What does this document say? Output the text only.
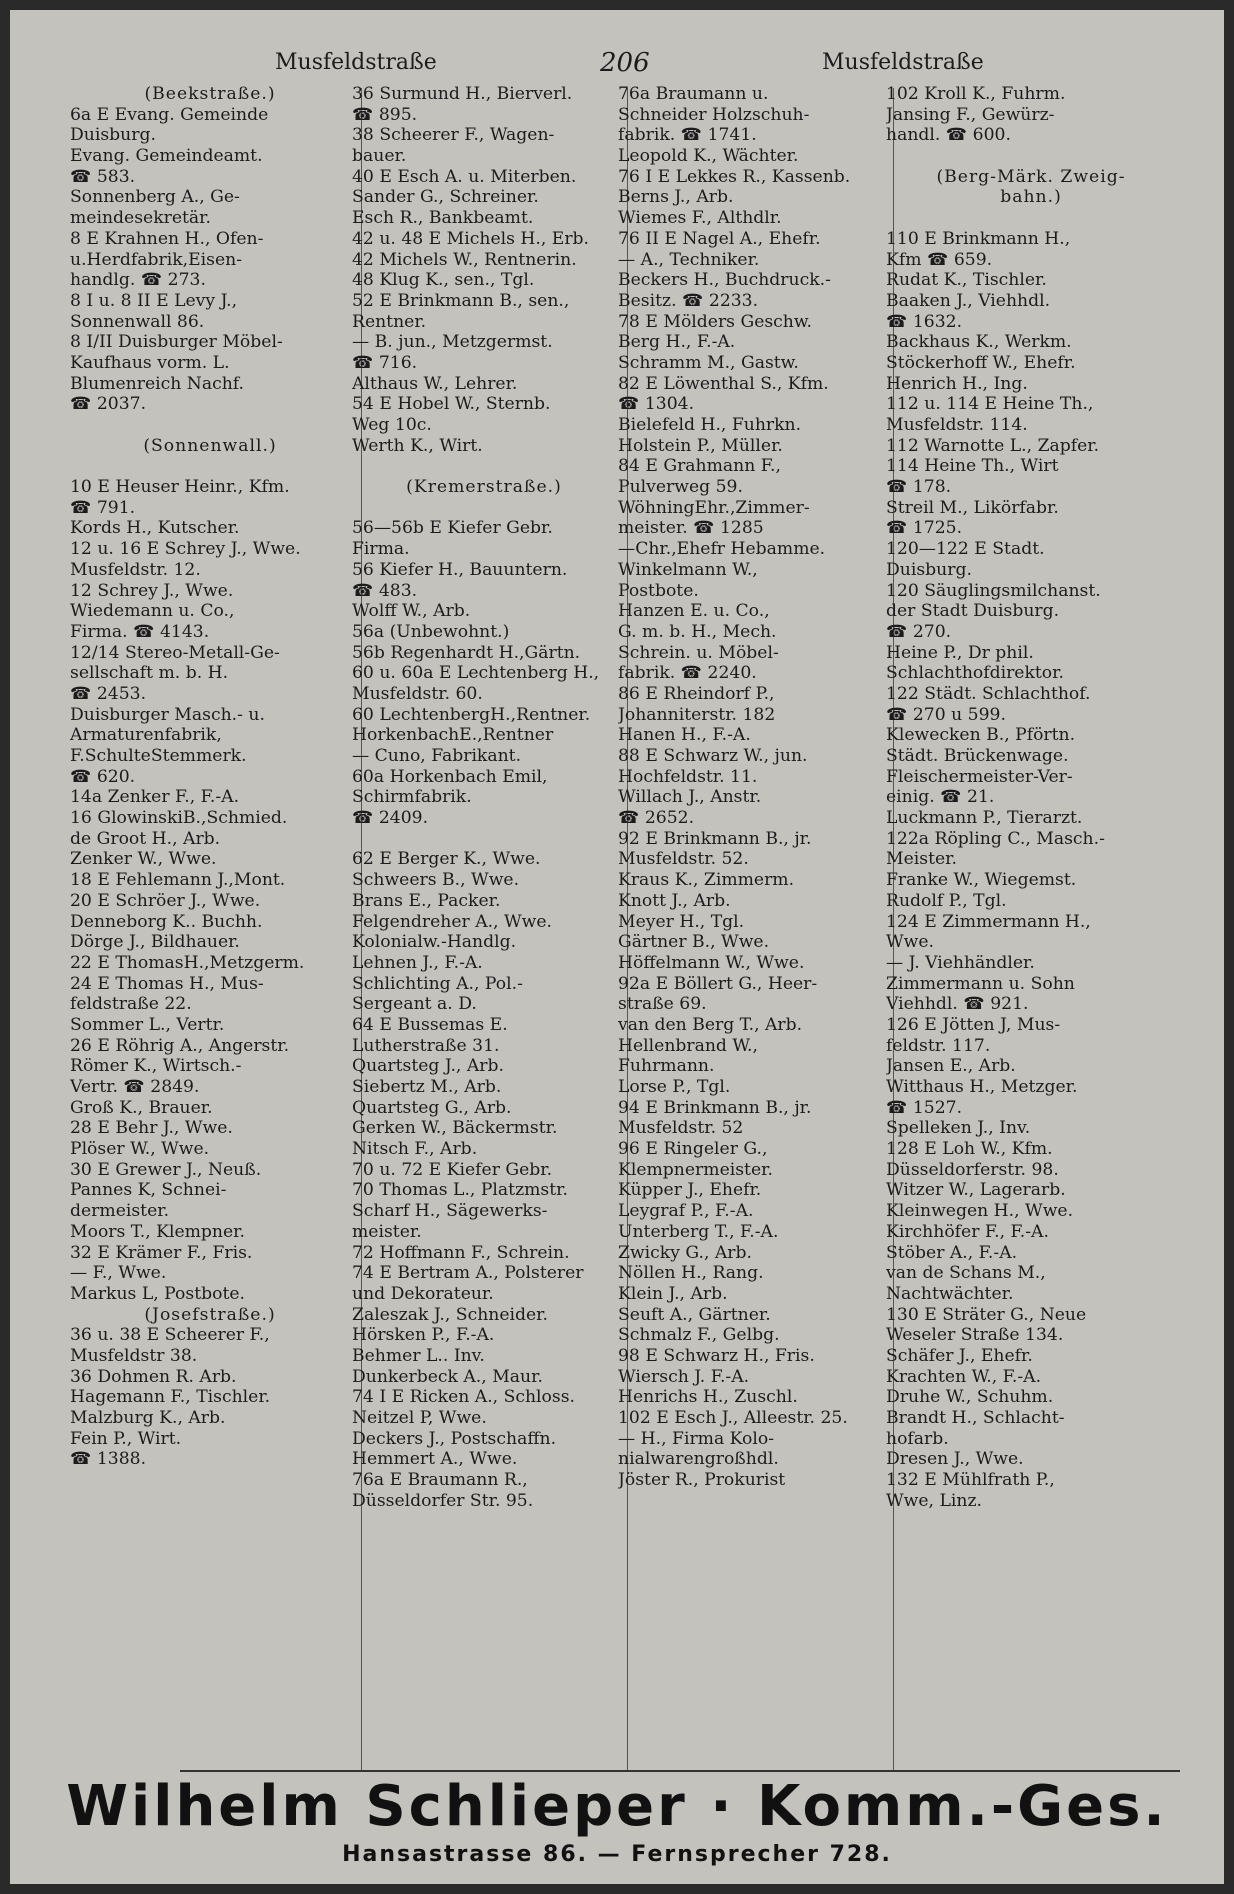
Musfeldstraße	206	Musfeldstraße
(Beekstraße.)
6a E Evang. Gemeinde
Duisburg.
Evang. Gemeindeamt.
☎ 583.
Sonnenberg A., Ge-
meindesekretär.
8 E Krahnen H., Ofen-
u.Herdfabrik,Eisen-
handlg. ☎ 273.
8 I u. 8 II E Levy J.,
Sonnenwall 86.
8 I/II Duisburger Möbel-
Kaufhaus vorm. L.
Blumenreich Nachf.
☎ 2037.
(Sonnenwall.)
10 E Heuser Heinr., Kfm.
☎ 791.
Kords H., Kutscher.
12 u. 16 E Schrey J., Wwe.
Musfeldstr. 12.
12 Schrey J., Wwe.
Wiedemann u. Co.,
Firma. ☎ 4143.
12/14 Stereo-Metall-Ge-
sellschaft m. b. H.
☎ 2453.
Duisburger Masch.- u.
Armaturenfabrik,
F.SchulteStemmerk.
☎ 620.
14a Zenker F., F.-A.
16 GlowinskiB.,Schmied.
de Groot H., Arb.
Zenker W., Wwe.
18 E Fehlemann J.,Mont.
20 E Schröer J., Wwe.
Denneborg K.. Buchh.
Dörge J., Bildhauer.
22 E ThomasH.,Metzgerm.
24 E Thomas H., Mus-
feldstraße 22.
Sommer L., Vertr.
26 E Röhrig A., Angerstr.
Römer K., Wirtsch.-
Vertr. ☎ 2849.
Groß K., Brauer.
28 E Behr J., Wwe.
Plöser W., Wwe.
30 E Grewer J., Neuß.
Pannes K, Schnei-
dermeister.
Moors T., Klempner.
32 E Krämer F., Fris.
— F., Wwe.
Markus L, Postbote.
(Josefstraße.)
36 u. 38 E Scheerer F.,
Musfeldstr 38.
36 Dohmen R. Arb.
Hagemann F., Tischler.
Malzburg K., Arb.
Fein P., Wirt.
☎ 1388.
36 Surmund H., Bierverl.
☎ 895.
38 Scheerer F., Wagen-
bauer.
40 E Esch A. u. Miterben.
Sander G., Schreiner.
Esch R., Bankbeamt.
42 u. 48 E Michels H., Erb.
42 Michels W., Rentnerin.
48 Klug K., sen., Tgl.
52 E Brinkmann B., sen.,
Rentner.
— B. jun., Metzgermst.
☎ 716.
Althaus W., Lehrer.
54 E Hobel W., Sternb.
Weg 10c.
Werth K., Wirt.
(Kremerstraße.)
56—56b E Kiefer Gebr.
Firma.
56 Kiefer H., Bauuntern.
☎ 483.
Wolff W., Arb.
56a (Unbewohnt.)
56b Regenhardt H.,Gärtn.
60 u. 60a E Lechtenberg H.,
Musfeldstr. 60.
60 LechtenbergH.,Rentner.
HorkenbachE.,Rentner
— Cuno, Fabrikant.
60a Horkenbach Emil,
Schirmfabrik.
☎ 2409.
62 E Berger K., Wwe.
Schweers B., Wwe.
Brans E., Packer.
Felgendreher A., Wwe.
Kolonialw.-Handlg.
Lehnen J., F.-A.
Schlichting A., Pol.-
Sergeant a. D.
64 E Bussemas E.
Lutherstraße 31.
Quartsteg J., Arb.
Siebertz M., Arb.
Quartsteg G., Arb.
Gerken W., Bäckermstr.
Nitsch F., Arb.
70 u. 72 E Kiefer Gebr.
70 Thomas L., Platzmstr.
Scharf H., Sägewerks-
meister.
72 Hoffmann F., Schrein.
74 E Bertram A., Polsterer
und Dekorateur.
Zaleszak J., Schneider.
Hörsken P., F.-A.
Behmer L.. Inv.
Dunkerbeck A., Maur.
74 I E Ricken A., Schloss.
Neitzel P, Wwe.
Deckers J., Postschaffn.
Hemmert A., Wwe.
76a E Braumann R.,
Düsseldorfer Str. 95.
76a Braumann u.
Schneider Holzschuh-
fabrik. ☎ 1741.
Leopold K., Wächter.
76 I E Lekkes R., Kassenb.
Berns J., Arb.
Wiemes F., Althdlr.
76 II E Nagel A., Ehefr.
— A., Techniker.
Beckers H., Buchdruck.-
Besitz. ☎ 2233.
78 E Mölders Geschw.
Berg H., F.-A.
Schramm M., Gastw.
82 E Löwenthal S., Kfm.
☎ 1304.
Bielefeld H., Fuhrkn.
Holstein P., Müller.
84 E Grahmann F.,
Pulverweg 59.
WöhningEhr.,Zimmer-
meister. ☎ 1285
—Chr.,Ehefr Hebamme.
Winkelmann W.,
Postbote.
Hanzen E. u. Co.,
G. m. b. H., Mech.
Schrein. u. Möbel-
fabrik. ☎ 2240.
86 E Rheindorf P.,
Johanniterstr. 182
Hanen H., F.-A.
88 E Schwarz W., jun.
Hochfeldstr. 11.
Willach J., Anstr.
☎ 2652.
92 E Brinkmann B., jr.
Musfeldstr. 52.
Kraus K., Zimmerm.
Knott J., Arb.
Meyer H., Tgl.
Gärtner B., Wwe.
Höffelmann W., Wwe.
92a E Böllert G., Heer-
straße 69.
van den Berg T., Arb.
Hellenbrand W.,
Fuhrmann.
Lorse P., Tgl.
94 E Brinkmann B., jr.
Musfeldstr. 52
96 E Ringeler G.,
Klempnermeister.
Küpper J., Ehefr.
Leygraf P., F.-A.
Unterberg T., F.-A.
Zwicky G., Arb.
Nöllen H., Rang.
Klein J., Arb.
Seuft A., Gärtner.
Schmalz F., Gelbg.
98 E Schwarz H., Fris.
Wiersch J. F.-A.
Henrichs H., Zuschl.
102 E Esch J., Alleestr. 25.
— H., Firma Kolo-
nialwarengroßhdl.
Jöster R., Prokurist
102 Kroll K., Fuhrm.
Jansing F., Gewürz-
handl. ☎ 600.
(Berg-Märk. Zweig-
bahn.)
110 E Brinkmann H.,
Kfm ☎ 659.
Rudat K., Tischler.
Baaken J., Viehhdl.
☎ 1632.
Backhaus K., Werkm.
Stöckerhoff W., Ehefr.
Henrich H., Ing.
112 u. 114 E Heine Th.,
Musfeldstr. 114.
112 Warnotte L., Zapfer.
114 Heine Th., Wirt
☎ 178.
Streil M., Likörfabr.
☎ 1725.
120—122 E Stadt.
Duisburg.
120 Säuglingsmilchanst.
der Stadt Duisburg.
☎ 270.
Heine P., Dr phil.
Schlachthofdirektor.
122 Städt. Schlachthof.
☎ 270 u 599.
Klewecken B., Pförtn.
Städt. Brückenwage.
Fleischermeister-Ver-
einig. ☎ 21.
Luckmann P., Tierarzt.
122a Röpling C., Masch.-
Meister.
Franke W., Wiegemst.
Rudolf P., Tgl.
124 E Zimmermann H.,
Wwe.
— J. Viehhändler.
Zimmermann u. Sohn
Viehhdl. ☎ 921.
126 E Jötten J, Mus-
feldstr. 117.
Jansen E., Arb.
Witthaus H., Metzger.
☎ 1527.
Spelleken J., Inv.
128 E Loh W., Kfm.
Düsseldorferstr. 98.
Witzer W., Lagerarb.
Kleinwegen H., Wwe.
Kirchhöfer F., F.-A.
Stöber A., F.-A.
van de Schans M.,
Nachtwächter.
130 E Sträter G., Neue
Weseler Straße 134.
Schäfer J., Ehefr.
Krachten W., F.-A.
Druhe W., Schuhm.
Brandt H., Schlacht-
hofarb.
Dresen J., Wwe.
132 E Mühlfrath P.,
Wwe, Linz.
Wilhelm Schlieper · Komm.-Ges.
Hansastrasse 86. — Fernsprecher 728.
